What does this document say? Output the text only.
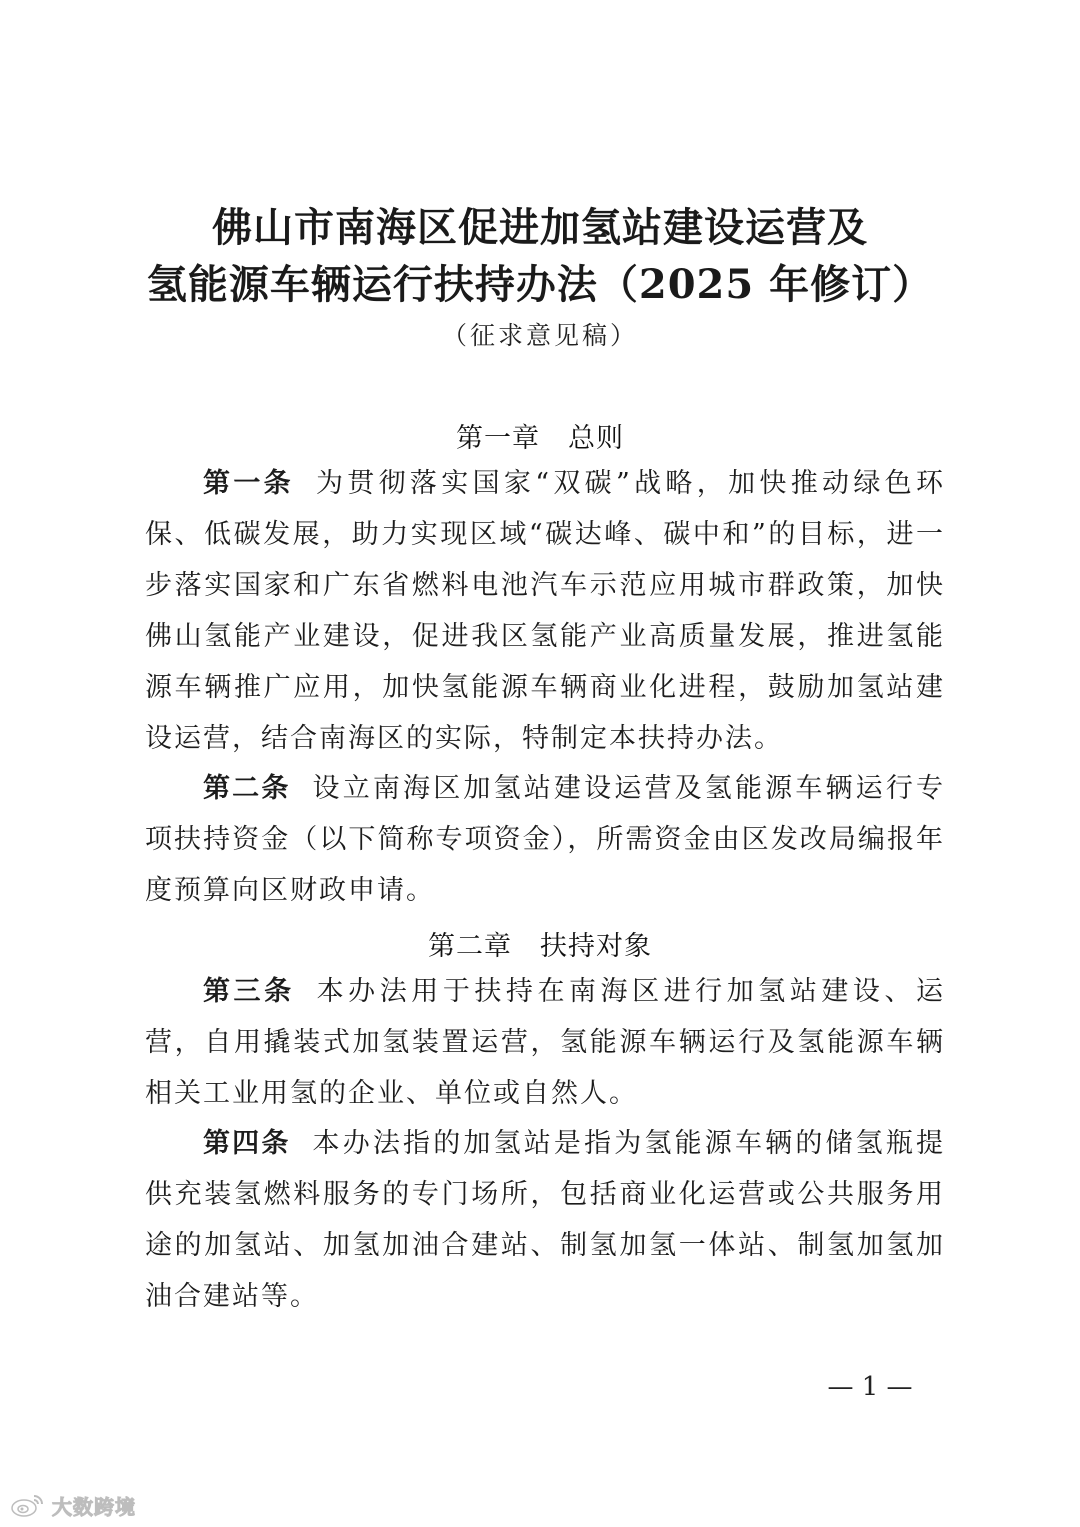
佛山市南海区促进加氢站建设运营及
氢能源车辆运行扶持办法（2025 年修订）
（征求意见稿）
第一章　总则
第一条 为贯彻落实国家“双碳”战略，加快推动绿色环保、低碳发展，助力实现区域“碳达峰、碳中和”的目标，进一步落实国家和广东省燃料电池汽车示范应用城市群政策，加快佛山氢能产业建设，促进我区氢能产业高质量发展，推进氢能源车辆推广应用，加快氢能源车辆商业化进程，鼓励加氢站建设运营，结合南海区的实际，特制定本扶持办法。
第二条 设立南海区加氢站建设运营及氢能源车辆运行专项扶持资金（以下简称专项资金），所需资金由区发改局编报年度预算向区财政申请。
第二章　扶持对象
第三条 本办法用于扶持在南海区进行加氢站建设、运营，自用撬装式加氢装置运营，氢能源车辆运行及氢能源车辆相关工业用氢的企业、单位或自然人。
第四条 本办法指的加氢站是指为氢能源车辆的储氢瓶提供充装氢燃料服务的专门场所，包括商业化运营或公共服务用途的加氢站、加氢加油合建站、制氢加氢一体站、制氢加氢加油合建站等。
— 1 —
大数跨境
